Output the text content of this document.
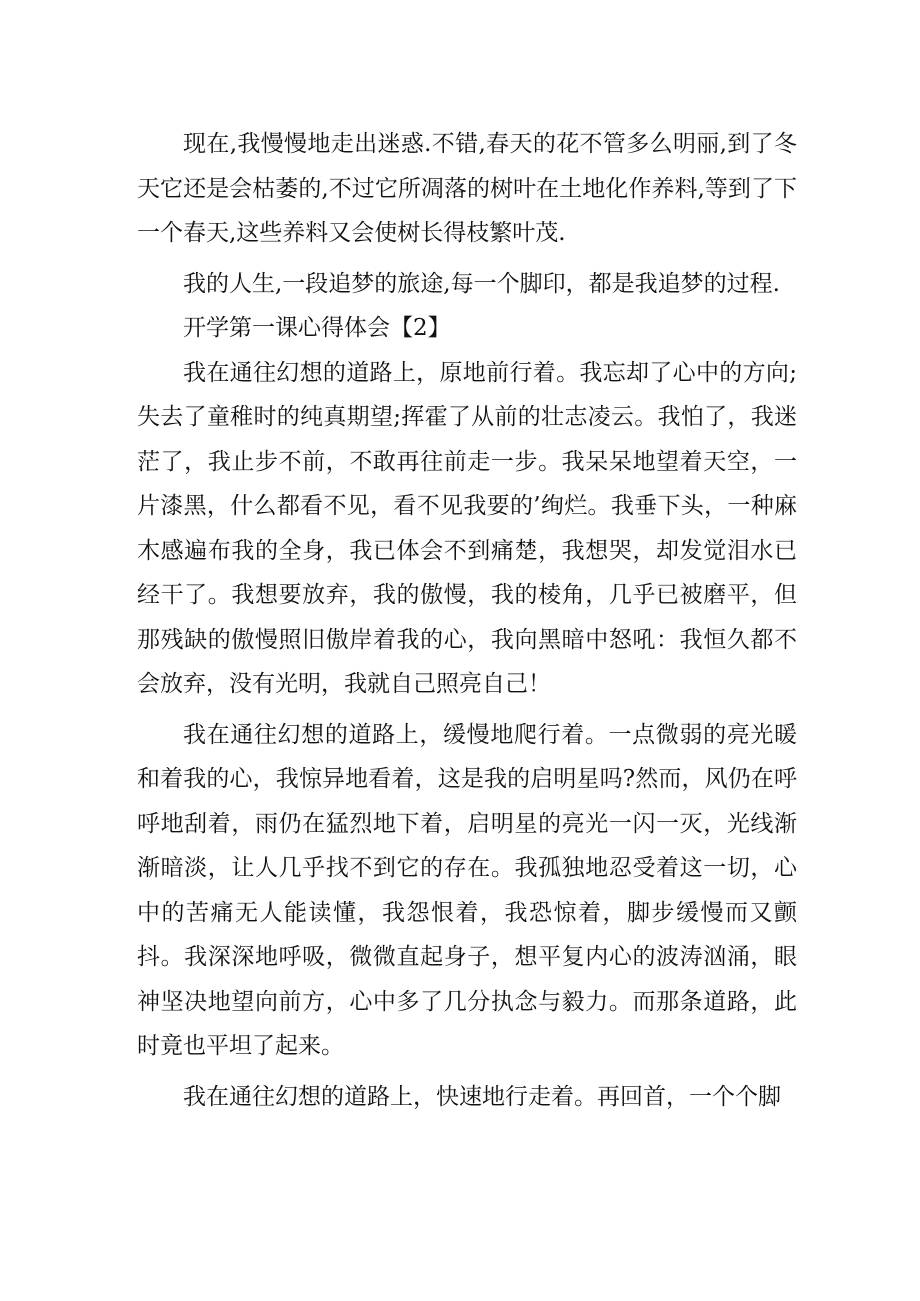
现在,我慢慢地走出迷惑.不错,春天的花不管多么明丽,到了冬天它还是会枯萎的,不过它所凋落的树叶在土地化作养料,等到了下一个春天,这些养料又会使树长得枝繁叶茂.

我的人生,一段追梦的旅途,每一个脚印，都是我追梦的过程.

开学第一课心得体会【2】

我在通往幻想的道路上，原地前行着。我忘却了心中的方向;失去了童稚时的纯真期望;挥霍了从前的壮志凌云。我怕了，我迷茫了，我止步不前，不敢再往前走一步。我呆呆地望着天空，一片漆黑，什么都看不见，看不见我要的’绚烂。我垂下头，一种麻木感遍布我的全身，我已体会不到痛楚，我想哭，却发觉泪水已经干了。我想要放弃，我的傲慢，我的棱角，几乎已被磨平，但那残缺的傲慢照旧傲岸着我的心，我向黑暗中怒吼：我恒久都不会放弃，没有光明，我就自己照亮自己！

我在通往幻想的道路上，缓慢地爬行着。一点微弱的亮光暖和着我的心，我惊异地看着，这是我的启明星吗?然而，风仍在呼呼地刮着，雨仍在猛烈地下着，启明星的亮光一闪一灭，光线渐渐暗淡，让人几乎找不到它的存在。我孤独地忍受着这一切，心中的苦痛无人能读懂，我怨恨着，我恐惊着，脚步缓慢而又颤抖。我深深地呼吸，微微直起身子，想平复内心的波涛汹涌，眼神坚决地望向前方，心中多了几分执念与毅力。而那条道路，此时竟也平坦了起来。

我在通往幻想的道路上，快速地行走着。再回首，一个个脚
